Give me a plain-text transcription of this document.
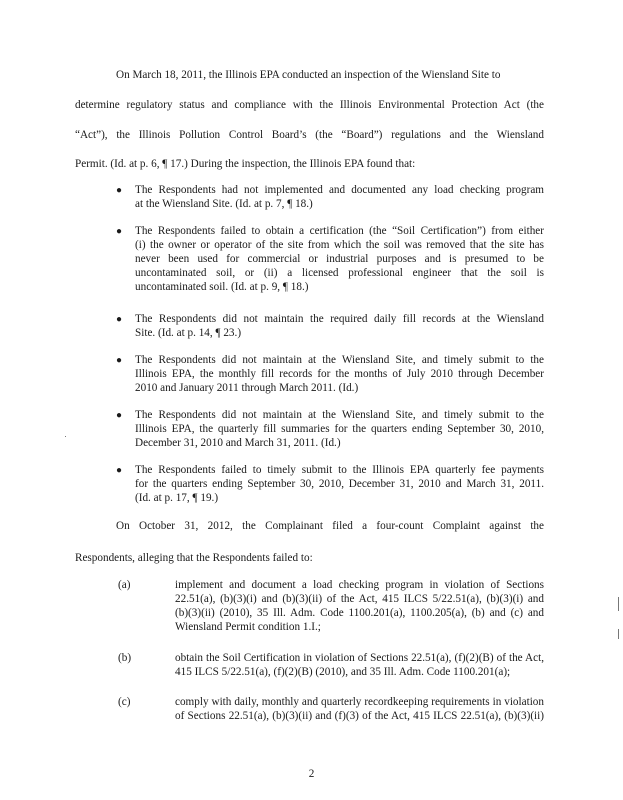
On March 18, 2011, the Illinois EPA conducted an inspection of the Wiensland Site to
determine regulatory status and compliance with the Illinois Environmental Protection Act (the
“Act”), the Illinois Pollution Control Board’s (the “Board”) regulations and the Wiensland
Permit. (Id. at p. 6, ¶ 17.) During the inspection, the Illinois EPA found that:
● The Respondents had not implemented and documented any load checking program
at the Wiensland Site. (Id. at p. 7, ¶ 18.)
● The Respondents failed to obtain a certification (the “Soil Certification”) from either
(i) the owner or operator of the site from which the soil was removed that the site has
never been used for commercial or industrial purposes and is presumed to be
uncontaminated soil, or (ii) a licensed professional engineer that the soil is
uncontaminated soil. (Id. at p. 9, ¶ 18.)
● The Respondents did not maintain the required daily fill records at the Wiensland
Site. (Id. at p. 14, ¶ 23.)
● The Respondents did not maintain at the Wiensland Site, and timely submit to the
Illinois EPA, the monthly fill records for the months of July 2010 through December
2010 and January 2011 through March 2011. (Id.)
● The Respondents did not maintain at the Wiensland Site, and timely submit to the
Illinois EPA, the quarterly fill summaries for the quarters ending September 30, 2010,
December 31, 2010 and March 31, 2011. (Id.)
● The Respondents failed to timely submit to the Illinois EPA quarterly fee payments
for the quarters ending September 30, 2010, December 31, 2010 and March 31, 2011.
(Id. at p. 17, ¶ 19.)
On October 31, 2012, the Complainant filed a four-count Complaint against the
Respondents, alleging that the Respondents failed to:
(a)	implement and document a load checking program in violation of Sections
22.51(a), (b)(3)(i) and (b)(3)(ii) of the Act, 415 ILCS 5/22.51(a), (b)(3)(i) and
(b)(3)(ii) (2010), 35 Ill. Adm. Code 1100.201(a), 1100.205(a), (b) and (c) and
Wiensland Permit condition 1.I.;
(b)	obtain the Soil Certification in violation of Sections 22.51(a), (f)(2)(B) of the Act,
415 ILCS 5/22.51(a), (f)(2)(B) (2010), and 35 Ill. Adm. Code 1100.201(a);
(c)	comply with daily, monthly and quarterly recordkeeping requirements in violation
of Sections 22.51(a), (b)(3)(ii) and (f)(3) of the Act, 415 ILCS 22.51(a), (b)(3)(ii)
2
